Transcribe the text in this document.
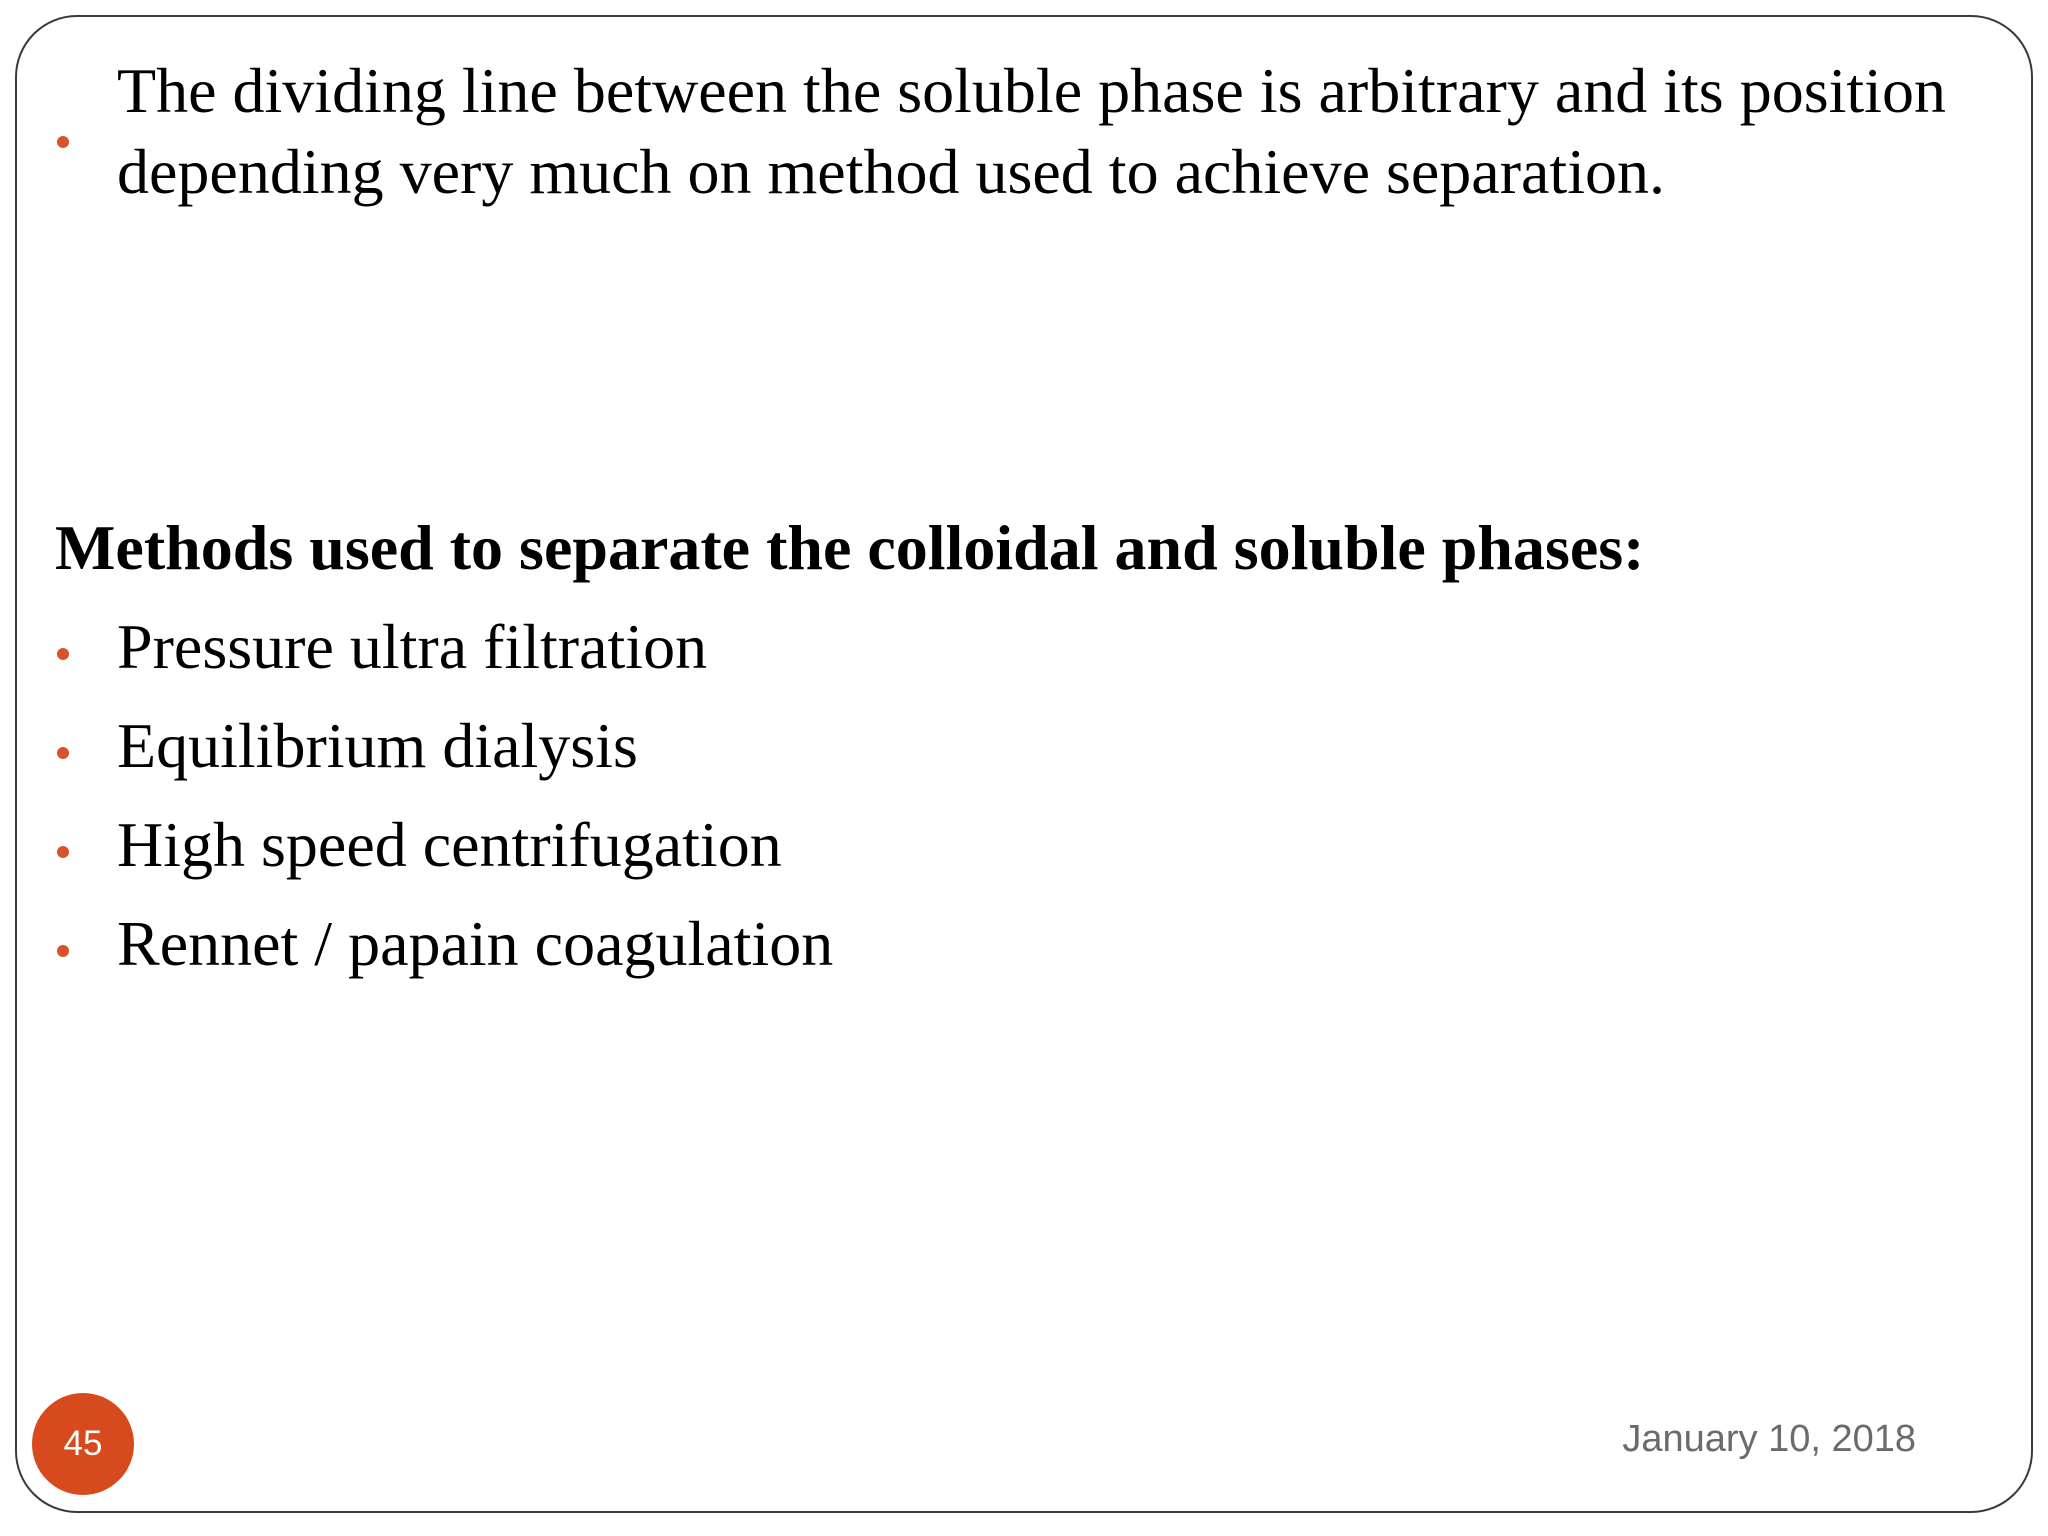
The dividing line between the soluble phase is arbitrary and its position depending very much on method used to achieve separation.
Methods used to separate the colloidal and soluble phases:
Pressure ultra filtration
Equilibrium dialysis
High speed centrifugation
Rennet / papain coagulation
45	January 10, 2018
